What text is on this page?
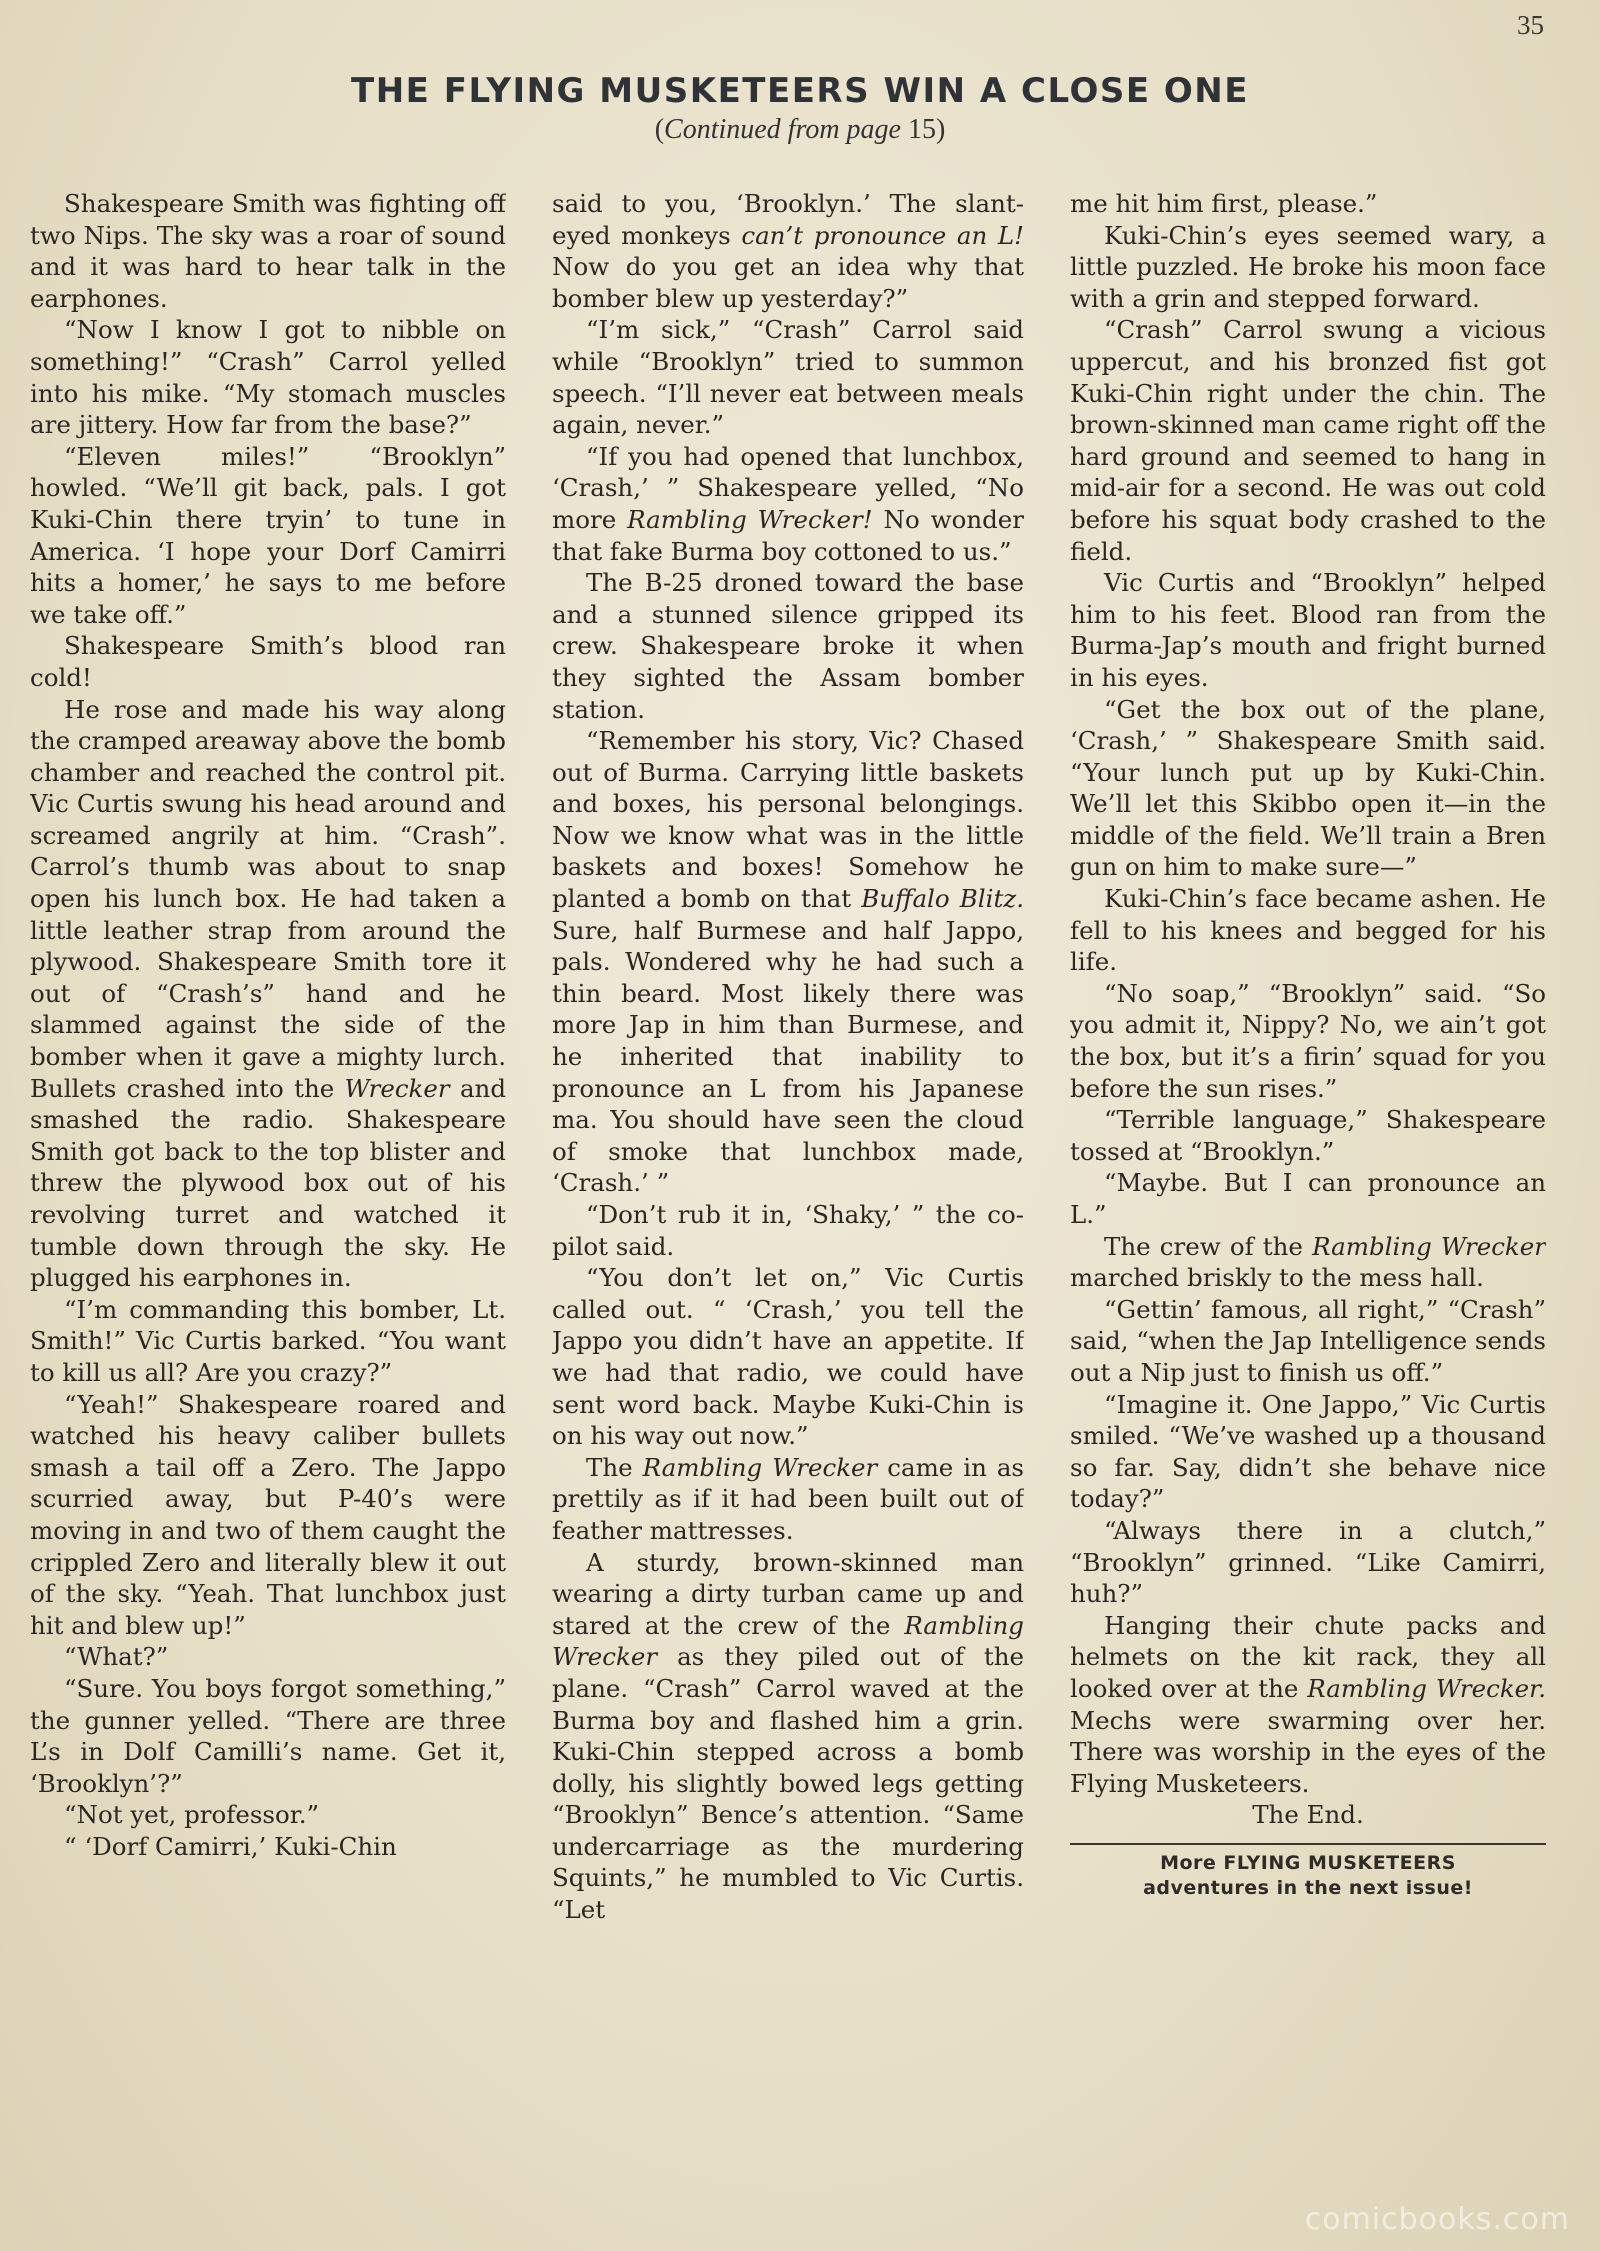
35
THE FLYING MUSKETEERS WIN A CLOSE ONE
(Continued from page 15)

Shakespeare Smith was fighting off two Nips. The sky was a roar of sound and it was hard to hear talk in the earphones.

“Now I know I got to nibble on something!” “Crash” Carrol yelled into his mike. “My stomach muscles are jittery. How far from the base?”

“Eleven miles!” “Brooklyn” howled. “We’ll git back, pals. I got Kuki-Chin there tryin’ to tune in America. ‘I hope your Dorf Camirri hits a homer,’ he says to me before we take off.”

Shakespeare Smith’s blood ran cold!

He rose and made his way along the cramped areaway above the bomb chamber and reached the control pit. Vic Curtis swung his head around and screamed angrily at him. “Crash”. Carrol’s thumb was about to snap open his lunch box. He had taken a little leather strap from around the plywood. Shakespeare Smith tore it out of “Crash’s” hand and he slammed against the side of the bomber when it gave a mighty lurch. Bullets crashed into the Wrecker and smashed the radio. Shakespeare Smith got back to the top blister and threw the plywood box out of his revolving turret and watched it tumble down through the sky. He plugged his earphones in.

“I’m commanding this bomber, Lt. Smith!” Vic Curtis barked. “You want to kill us all? Are you crazy?”

“Yeah!” Shakespeare roared and watched his heavy caliber bullets smash a tail off a Zero. The Jappo scurried away, but P-40’s were moving in and two of them caught the crippled Zero and literally blew it out of the sky. “Yeah. That lunchbox just hit and blew up!”

“What?”

“Sure. You boys forgot something,” the gunner yelled. “There are three L’s in Dolf Camilli’s name. Get it, ‘Brooklyn’?”

“Not yet, professor.”

“ ‘Dorf Camirri,’ Kuki-Chin

said to you, ‘Brooklyn.’ The slant-eyed monkeys can’t pronounce an L! Now do you get an idea why that bomber blew up yesterday?”

“I’m sick,” “Crash” Carrol said while “Brooklyn” tried to summon speech. “I’ll never eat between meals again, never.”

“If you had opened that lunchbox, ‘Crash,’ ” Shakespeare yelled, “No more Rambling Wrecker! No wonder that fake Burma boy cottoned to us.”

The B-25 droned toward the base and a stunned silence gripped its crew. Shakespeare broke it when they sighted the Assam bomber station.

“Remember his story, Vic? Chased out of Burma. Carrying little baskets and boxes, his personal belongings. Now we know what was in the little baskets and boxes! Somehow he planted a bomb on that Buffalo Blitz. Sure, half Burmese and half Jappo, pals. Wondered why he had such a thin beard. Most likely there was more Jap in him than Burmese, and he inherited that inability to pronounce an L from his Japanese ma. You should have seen the cloud of smoke that lunchbox made, ‘Crash.’ ”

“Don’t rub it in, ‘Shaky,’ ” the co-pilot said.

“You don’t let on,” Vic Curtis called out. “ ‘Crash,’ you tell the Jappo you didn’t have an appetite. If we had that radio, we could have sent word back. Maybe Kuki-Chin is on his way out now.”

The Rambling Wrecker came in as prettily as if it had been built out of feather mattresses.

A sturdy, brown-skinned man wearing a dirty turban came up and stared at the crew of the Rambling Wrecker as they piled out of the plane. “Crash” Carrol waved at the Burma boy and flashed him a grin. Kuki-Chin stepped across a bomb dolly, his slightly bowed legs getting “Brooklyn” Bence’s attention. “Same undercarriage as the murdering Squints,” he mumbled to Vic Curtis. “Let

me hit him first, please.”

Kuki-Chin’s eyes seemed wary, a little puzzled. He broke his moon face with a grin and stepped forward.

“Crash” Carrol swung a vicious uppercut, and his bronzed fist got Kuki-Chin right under the chin. The brown-skinned man came right off the hard ground and seemed to hang in mid-air for a second. He was out cold before his squat body crashed to the field.

Vic Curtis and “Brooklyn” helped him to his feet. Blood ran from the Burma-Jap’s mouth and fright burned in his eyes.

“Get the box out of the plane, ‘Crash,’ ” Shakespeare Smith said. “Your lunch put up by Kuki-Chin. We’ll let this Skibbo open it—in the middle of the field. We’ll train a Bren gun on him to make sure—”

Kuki-Chin’s face became ashen. He fell to his knees and begged for his life.

“No soap,” “Brooklyn” said. “So you admit it, Nippy? No, we ain’t got the box, but it’s a firin’ squad for you before the sun rises.”

“Terrible language,” Shakespeare tossed at “Brooklyn.”

“Maybe. But I can pronounce an L.”

The crew of the Rambling Wrecker marched briskly to the mess hall.

“Gettin’ famous, all right,” “Crash” said, “when the Jap Intelligence sends out a Nip just to finish us off.”

“Imagine it. One Jappo,” Vic Curtis smiled. “We’ve washed up a thousand so far. Say, didn’t she behave nice today?”

“Always there in a clutch,” “Brooklyn” grinned. “Like Camirri, huh?”

Hanging their chute packs and helmets on the kit rack, they all looked over at the Rambling Wrecker. Mechs were swarming over her. There was worship in the eyes of the Flying Musketeers.

The End.

More FLYING MUSKETEERS
adventures in the next issue!
comicbooks.com
